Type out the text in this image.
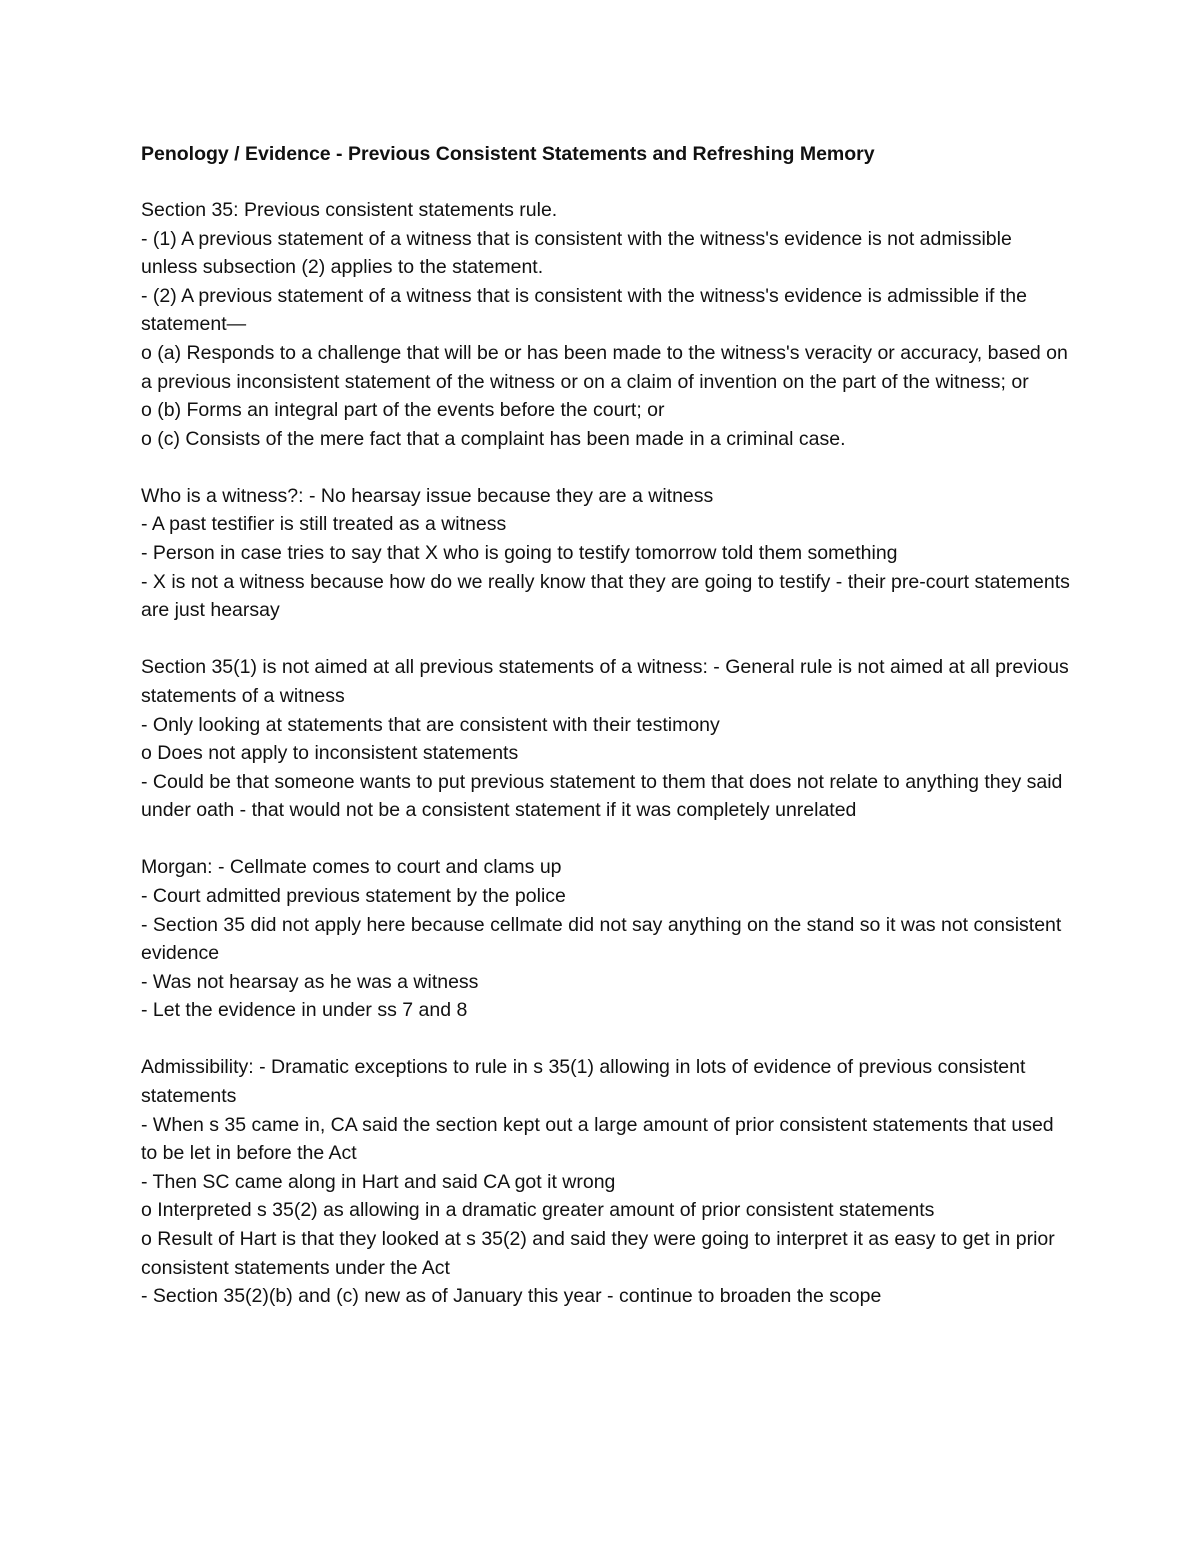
Penology / Evidence - Previous Consistent Statements and Refreshing Memory

Section 35: Previous consistent statements rule.

- (1) A previous statement of a witness that is consistent with the witness's evidence is not admissible unless subsection (2) applies to the statement.

- (2) A previous statement of a witness that is consistent with the witness's evidence is admissible if the statement—

o (a) Responds to a challenge that will be or has been made to the witness's veracity or accuracy, based on a previous inconsistent statement of the witness or on a claim of invention on the part of the witness; or

o (b) Forms an integral part of the events before the court; or

o (c) Consists of the mere fact that a complaint has been made in a criminal case.

Who is a witness?: - No hearsay issue because they are a witness

- A past testifier is still treated as a witness

- Person in case tries to say that X who is going to testify tomorrow told them something

- X is not a witness because how do we really know that they are going to testify - their pre-court statements are just hearsay

Section 35(1) is not aimed at all previous statements of a witness: - General rule is not aimed at all previous statements of a witness

- Only looking at statements that are consistent with their testimony

o Does not apply to inconsistent statements

- Could be that someone wants to put previous statement to them that does not relate to anything they said under oath - that would not be a consistent statement if it was completely unrelated

Morgan: - Cellmate comes to court and clams up

- Court admitted previous statement by the police

- Section 35 did not apply here because cellmate did not say anything on the stand so it was not consistent evidence

- Was not hearsay as he was a witness

- Let the evidence in under ss 7 and 8

Admissibility: - Dramatic exceptions to rule in s 35(1) allowing in lots of evidence of previous consistent statements

- When s 35 came in, CA said the section kept out a large amount of prior consistent statements that used to be let in before the Act

- Then SC came along in Hart and said CA got it wrong

o Interpreted s 35(2) as allowing in a dramatic greater amount of prior consistent statements

o Result of Hart is that they looked at s 35(2) and said they were going to interpret it as easy to get in prior consistent statements under the Act

- Section 35(2)(b) and (c) new as of January this year - continue to broaden the scope
